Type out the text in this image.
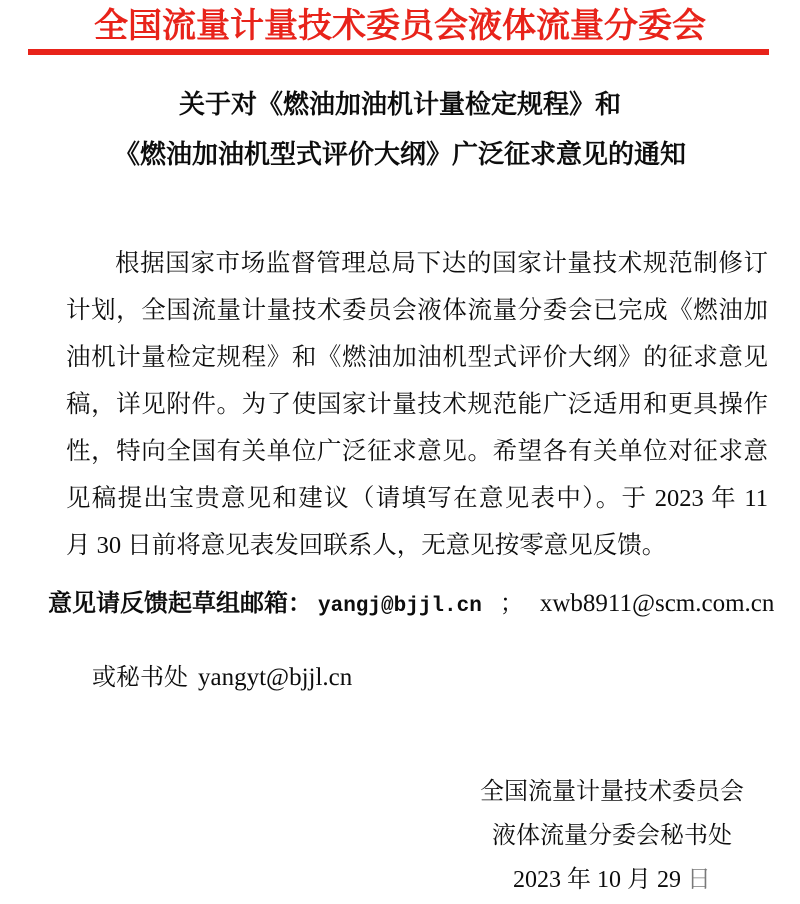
全国流量计量技术委员会液体流量分委会
关于对《燃油加油机计量检定规程》和
《燃油加油机型式评价大纲》广泛征求意见的通知
根据国家市场监督管理总局下达的国家计量技术规范制修订
计划，全国流量计量技术委员会液体流量分委会已完成《燃油加
油机计量检定规程》和《燃油加油机型式评价大纲》的征求意见
稿，详见附件。为了使国家计量技术规范能广泛适用和更具操作
性，特向全国有关单位广泛征求意见。希望各有关单位对征求意
见稿提出宝贵意见和建议（请填写在意见表中）。于 2023 年 11
月 30 日前将意见表发回联系人，无意见按零意见反馈。
意见请反馈起草组邮箱： yangj@bjjl.cn ； xwb8911@scm.com.cn
或秘书处 yangyt@bjjl.cn
全国流量计量技术委员会
液体流量分委会秘书处
2023 年 10 月 29 日
